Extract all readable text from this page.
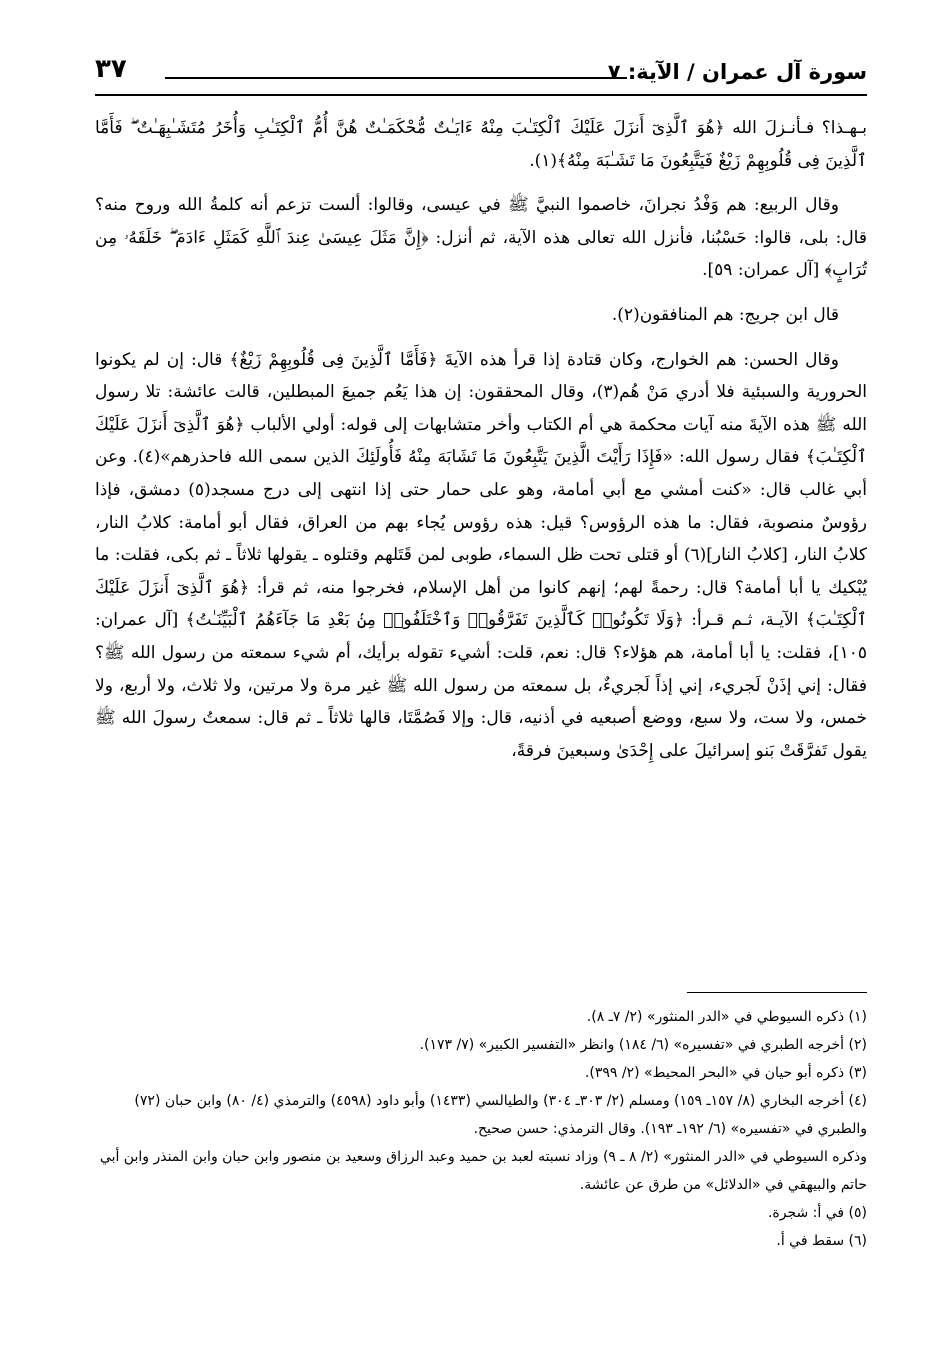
سورة آل عمران / الآية: ٧
٣٧

بـهـذا؟ فـأنـزلَ الله ﴿هُوَ ٱلَّذِىٓ أَنزَلَ عَلَيْكَ ٱلْكِتَـٰبَ مِنْهُ ءَايَـٰتٌ مُّحْكَمَـٰتٌ هُنَّ أُمُّ ٱلْكِتَـٰبِ وَأُخَرُ مُتَشَـٰبِهَـٰتٌ ۖ فَأَمَّا ٱلَّذِينَ فِى قُلُوبِهِمْ زَيْغٌ فَيَتَّبِعُونَ مَا تَشَـٰبَهَ مِنْهُ﴾(١).

وقال الربيع: هم وَفْدُ نجرانَ، خاصموا النبيَّ ﷺ في عيسى، وقالوا: ألست تزعم أنه كلمةُ الله وروح منه؟ قال: بلى، قالوا: حَسْبُنا، فأنزل الله تعالى هذه الآية، ثم أنزل: ﴿إِنَّ مَثَلَ عِيسَىٰ عِندَ ٱللَّهِ كَمَثَلِ ءَادَمَ ۖ خَلَقَهُۥ مِن تُرَابٍ﴾ [آل عمران: ٥٩].

قال ابن جريج: هم المنافقون(٢).

وقال الحسن: هم الخوارج، وكان قتادة إذا قرأ هذه الآيةَ ﴿فَأَمَّا ٱلَّذِينَ فِى قُلُوبِهِمْ زَيْغٌ﴾ قال: إن لم يكونوا الحرورية والسبئية فلا أدري مَنْ هُم(٣)، وقال المحققون: إن هذا يَعُم جميعَ المبطلين، قالت عائشة: تلا رسول الله ﷺ هذه الآيةَ منه آيات محكمة هي أم الكتاب وأخر متشابهات إلى قوله: أولي الألباب ﴿هُوَ ٱلَّذِىٓ أَنزَلَ عَلَيْكَ ٱلْكِتَـٰبَ﴾ فقال رسول الله: «فَإِذَا رَأَيْتَ الَّذِينَ يَتَّبِعُونَ مَا تَشَابَهَ مِنْهُ فَأُولَئِكَ الذين سمى الله فاحذرهم»(٤). وعن أبي غالب قال: «كنت أمشي مع أبي أمامة، وهو على حمار حتى إذا انتهى إلى درج مسجد(٥) دمشق، فإذا رؤوسٌ منصوبة، فقال: ما هذه الرؤوس؟ قيل: هذه رؤوس يُجاء بهم من العراق، فقال أبو أمامة: كلابُ النار، كلابُ النار، [كلابُ النار](٦) أو قتلى تحت ظل السماء، طوبى لمن قَتَلهم وقتلوه ـ يقولها ثلاثاً ـ ثم بكى، فقلت: ما يُبْكيك يا أبا أمامة؟ قال: رحمةً لهم؛ إنهم كانوا من أهل الإسلام، فخرجوا منه، ثم قرأ: ﴿هُوَ ٱلَّذِىٓ أَنزَلَ عَلَيْكَ ٱلْكِتَـٰبَ﴾ الآيـة، ثـم قـرأ: ﴿وَلَا تَكُونُوا۟ كَٱلَّذِينَ تَفَرَّقُوا۟ وَٱخْتَلَفُوا۟ مِنۢ بَعْدِ مَا جَآءَهُمُ ٱلْبَيِّنَـٰتُ﴾ [آل عمران: ١٠٥]، فقلت: يا أبا أمامة، هم هؤلاء؟ قال: نعم، قلت: أشيء تقوله برأيك، أم شيء سمعته من رسول الله ﷺ؟ فقال: إني إذَنْ لَجريء، إني إذاً لَجريءٌ، بل سمعته من رسول الله ﷺ غير مرة ولا مرتين، ولا ثلاث، ولا أربع، ولا خمس، ولا ست، ولا سبع، ووضع أصبعيه في أذنيه، قال: وإلا فَصُمَّتَا، قالها ثلاثاً ـ ثم قال: سمعتُ رسولَ الله ﷺ يقول تَفرَّقَتْ بَنو إسرائيلَ على إِحْدَىٰ وسبعينَ فرقةً،

(١) ذكره السيوطي في «الدر المنثور» (٢/ ٧ـ ٨).

(٢) أخرجه الطبري في «تفسيره» (٦/ ١٨٤) وانظر «التفسير الكبير» (٧/ ١٧٣).

(٣) ذكره أبو حيان في «البحر المحيط» (٢/ ٣٩٩).

(٤) أخرجه البخاري (٨/ ١٥٧ـ ١٥٩) ومسلم (٢/ ٣٠٣ـ ٣٠٤) والطيالسي (١٤٣٣) وأبو داود (٤٥٩٨) والترمذي (٤/ ٨٠) وابن حبان (٧٢) والطبري في «تفسيره» (٦/ ١٩٢ـ ١٩٣). وقال الترمذي: حسن صحيح.

وذكره السيوطي في «الدر المنثور» (٢/ ٨ ـ ٩) وزاد نسبته لعبد بن حميد وعبد الرزاق وسعيد بن منصور وابن حبان وابن المنذر وابن أبي حاتم والبيهقي في «الدلائل» من طرق عن عائشة.

(٥) في أ: شجرة.

(٦) سقط في أ.
